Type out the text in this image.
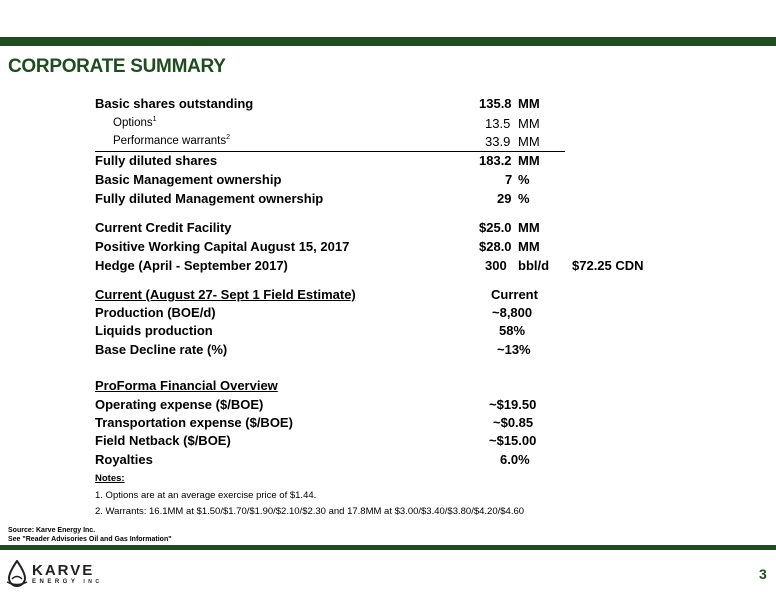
CORPORATE SUMMARY
Basic shares outstanding	135.8 MM
Options$^1$	13.5 MM
Performance warrants$^2$	33.9 MM
Fully diluted shares	183.2 MM
Basic Management ownership	7 %
Fully diluted Management ownership	29 %
Current Credit Facility	$25.0 MM
Positive Working Capital August 15, 2017	$28.0 MM
Hedge (April - September 2017)	300 bbl/d $72.25 CDN
Current (August 27- Sept 1 Field Estimate)	Current
Production (BOE/d)	~8,800
Liquids production	58%
Base Decline rate (%)	~13%
ProForma Financial Overview
Operating expense ($/BOE)	~$19.50
Transportation expense ($/BOE)	~$0.85
Field Netback ($/BOE)	~$15.00
Royalties	6.0%
Notes:
1. Options are at an average exercise price of $1.44.
2. Warrants: 16.1MM at $1.50/$1.70/$1.90/$2.10/$2.30 and 17.8MM at $3.00/$3.40/$3.80/$4.20/$4.60
Source: Karve Energy Inc.
See "Reader Advisories Oil and Gas Information"
KARVE
ENERGY INC	3
